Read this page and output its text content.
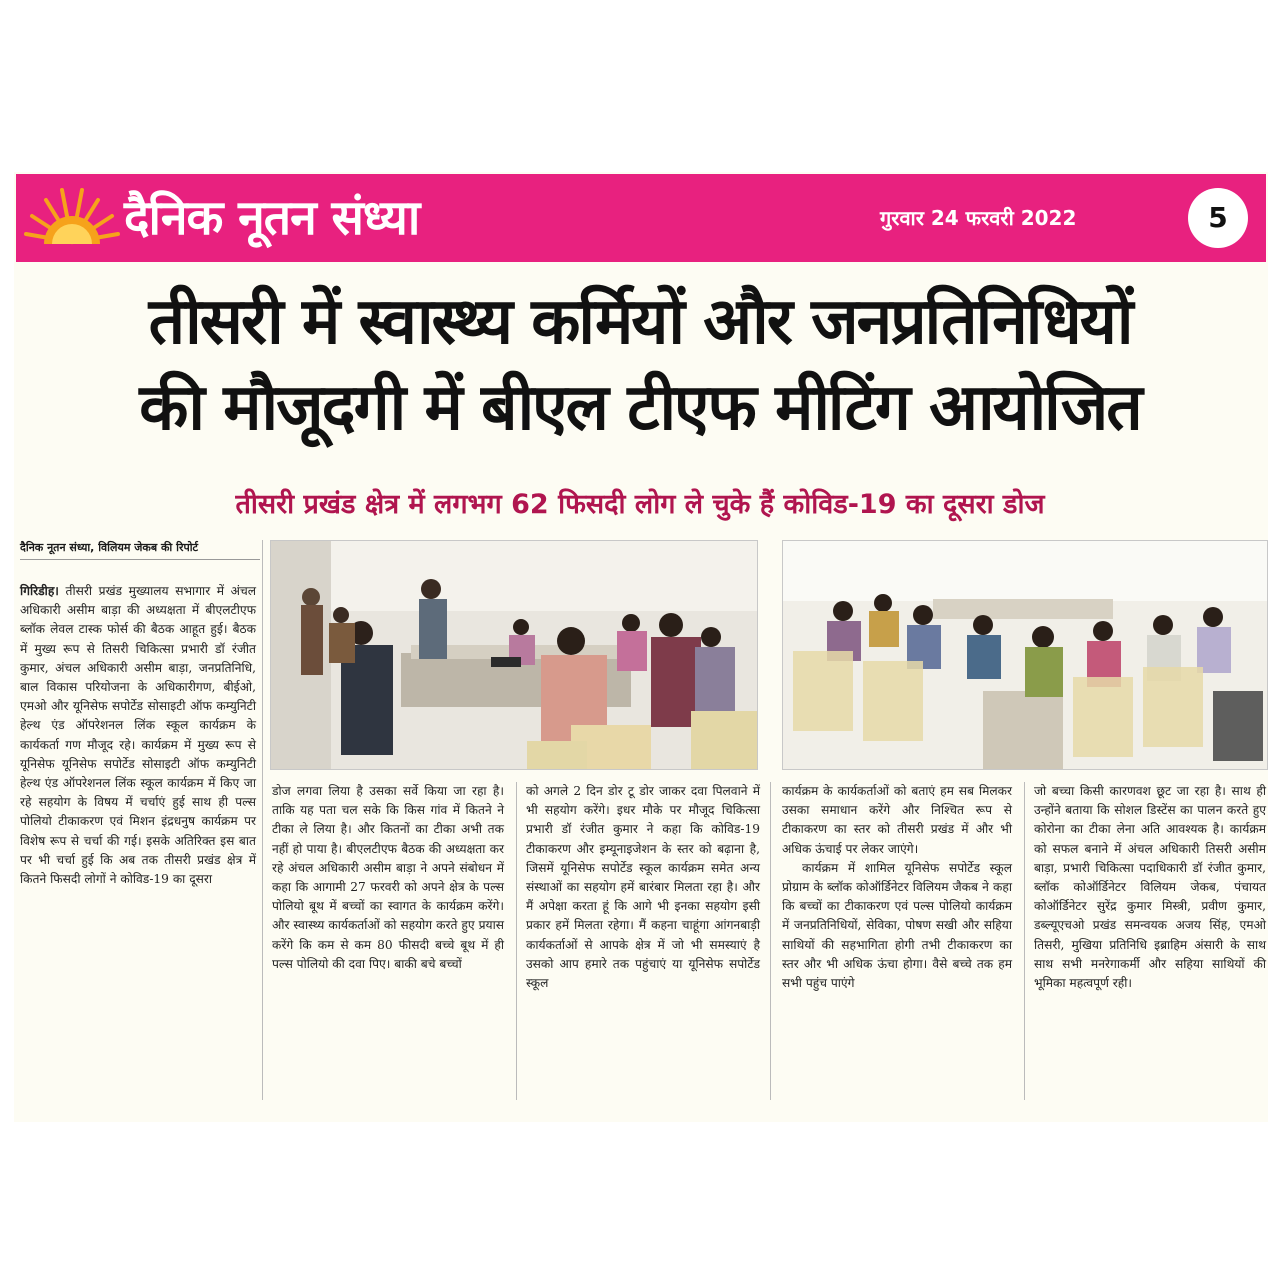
दैनिक नूतन संध्या	गुरवार 24 फरवरी 2022	5
तीसरी में स्वास्थ्य कर्मियों और जनप्रतिनिधियों
की मौजूदगी में बीएल टीएफ मीटिंग आयोजित
तीसरी प्रखंड क्षेत्र में लगभग 62 फिसदी लोग ले चुके हैं कोविड-19 का दूसरा डोज
दैनिक नूतन संध्या, विलियम जेकब की रिपोर्ट

गिरिडीह। तीसरी प्रखंड मुख्यालय सभागार में अंचल अधिकारी असीम बाड़ा की अध्यक्षता में बीएलटीएफ ब्लॉक लेवल टास्क फोर्स की बैठक आहूत हुई। बैठक में मुख्य रूप से तिसरी चिकित्सा प्रभारी डॉ रंजीत कुमार, अंचल अधिकारी असीम बाड़ा, जनप्रतिनिधि, बाल विकास परियोजना के अधिकारीगण, बीईओ, एमओ और यूनिसेफ सपोर्टेड सोसाइटी ऑफ कम्युनिटी हेल्थ एंड ऑपरेशनल लिंक स्कूल कार्यक्रम के कार्यकर्ता गण मौजूद रहे। कार्यक्रम में मुख्य रूप से यूनिसेफ यूनिसेफ सपोर्टेड सोसाइटी ऑफ कम्युनिटी हेल्थ एंड ऑपरेशनल लिंक स्कूल कार्यक्रम में किए जा रहे सहयोग के विषय में चर्चाएं हुई साथ ही पल्स पोलियो टीकाकरण एवं मिशन इंद्रधनुष कार्यक्रम पर विशेष रूप से चर्चा की गई। इसके अतिरिक्त इस बात पर भी चर्चा हुई कि अब तक तीसरी प्रखंड क्षेत्र में कितने फिसदी लोगों ने कोविड-19 का दूसरा

डोज लगवा लिया है उसका सर्वे किया जा रहा है। ताकि यह पता चल सके कि किस गांव में कितने ने टीका ले लिया है। और कितनों का टीका अभी तक नहीं हो पाया है। बीएलटीएफ बैठक की अध्यक्षता कर रहे अंचल अधिकारी असीम बाड़ा ने अपने संबोधन में कहा कि आगामी 27 फरवरी को अपने क्षेत्र के पल्स पोलियो बूथ में बच्चों का स्वागत के कार्यक्रम करेंगे। और स्वास्थ्य कार्यकर्ताओं को सहयोग करते हुए प्रयास करेंगे कि कम से कम 80 फीसदी बच्चे बूथ में ही पल्स पोलियो की दवा पिए। बाकी बचे बच्चों

को अगले 2 दिन डोर टू डोर जाकर दवा पिलवाने में भी सहयोग करेंगे। इधर मौके पर मौजूद चिकित्सा प्रभारी डॉ रंजीत कुमार ने कहा कि कोविड-19 टीकाकरण और इम्यूनाइजेशन के स्तर को बढ़ाना है, जिसमें यूनिसेफ सपोर्टेड स्कूल कार्यक्रम समेत अन्य संस्थाओं का सहयोग हमें बारंबार मिलता रहा है। और मैं अपेक्षा करता हूं कि आगे भी इनका सहयोग इसी प्रकार हमें मिलता रहेगा। मैं कहना चाहूंगा आंगनबाड़ी कार्यकर्ताओं से आपके क्षेत्र में जो भी समस्याएं है उसको आप हमारे तक पहुंचाएं या यूनिसेफ सपोर्टेड स्कूल

कार्यक्रम के कार्यकर्ताओं को बताएं हम सब मिलकर उसका समाधान करेंगे और निश्चित रूप से टीकाकरण का स्तर को तीसरी प्रखंड में और भी अधिक ऊंचाई पर लेकर जाएंगे।

कार्यक्रम में शामिल यूनिसेफ सपोर्टेड स्कूल प्रोग्राम के ब्लॉक कोऑर्डिनेटर विलियम जैकब ने कहा कि बच्चों का टीकाकरण एवं पल्स पोलियो कार्यक्रम में जनप्रतिनिधियों, सेविका, पोषण सखी और सहिया साथियों की सहभागिता होगी तभी टीकाकरण का स्तर और भी अधिक ऊंचा होगा। वैसे बच्चे तक हम सभी पहुंच पाएंगे

जो बच्चा किसी कारणवश छूट जा रहा है। साथ ही उन्होंने बताया कि सोशल डिस्टेंस का पालन करते हुए कोरोना का टीका लेना अति आवश्यक है। कार्यक्रम को सफल बनाने में अंचल अधिकारी तिसरी असीम बाड़ा, प्रभारी चिकित्सा पदाधिकारी डॉ रंजीत कुमार, ब्लॉक कोऑर्डिनेटर विलियम जेकब, पंचायत कोऑर्डिनेटर सुरेंद्र कुमार मिस्त्री, प्रवीण कुमार, डब्ल्यूएचओ प्रखंड समन्वयक अजय सिंह, एमओ तिसरी, मुखिया प्रतिनिधि इब्राहिम अंसारी के साथ साथ सभी मनरेगाकर्मी और सहिया साथियों की भूमिका महत्वपूर्ण रही।
